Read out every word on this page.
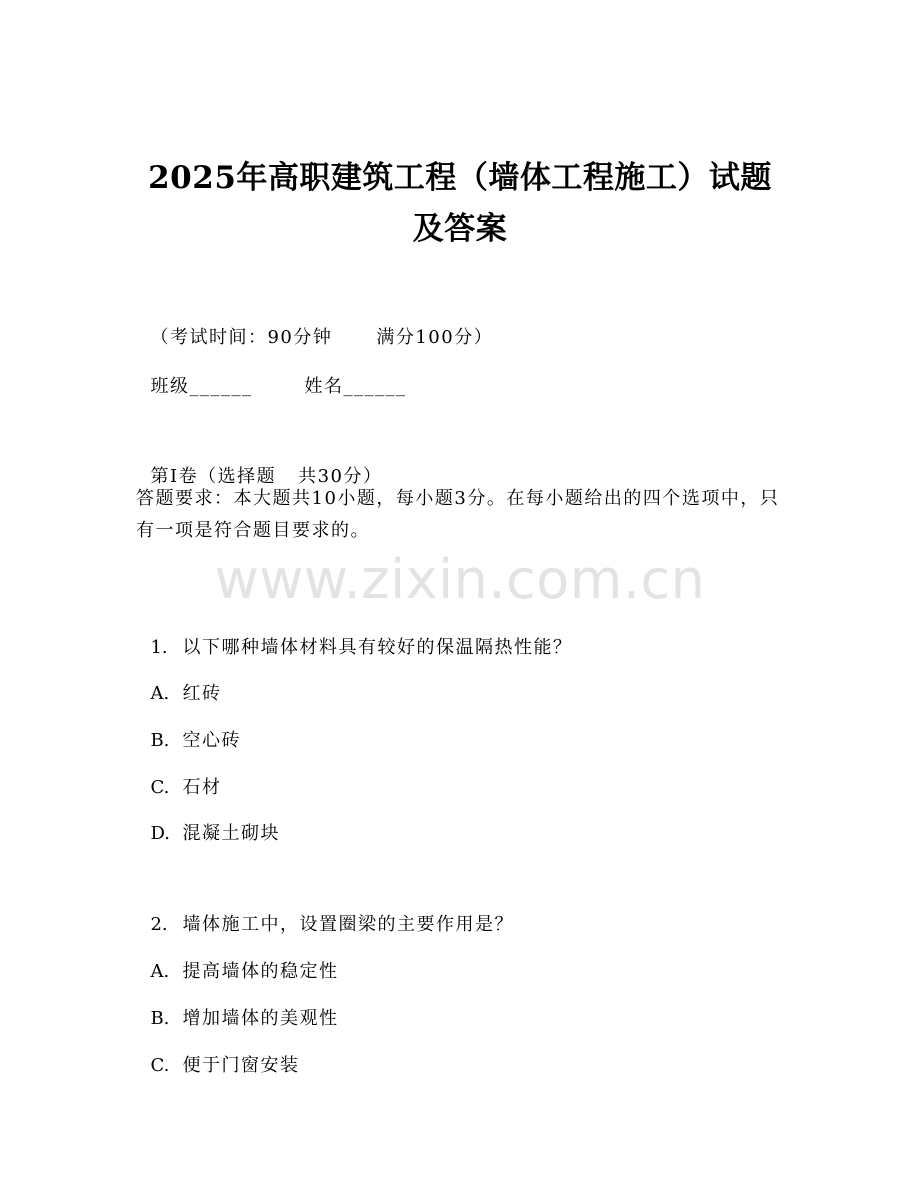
2025年高职建筑工程（墙体工程施工）试题
及答案

（考试时间：90分钟 满分100分）

班级______	姓名______

第I卷（选择题 共30分）

答题要求：本大题共10小题，每小题3分。在每小题给出的四个选项中，只有一项是符合题目要求的。
www.zixin.com.cn

1. 以下哪种墙体材料具有较好的保温隔热性能？

A. 红砖

B. 空心砖

C. 石材

D. 混凝土砌块

2. 墙体施工中，设置圈梁的主要作用是？

A. 提高墙体的稳定性

B. 增加墙体的美观性

C. 便于门窗安装
